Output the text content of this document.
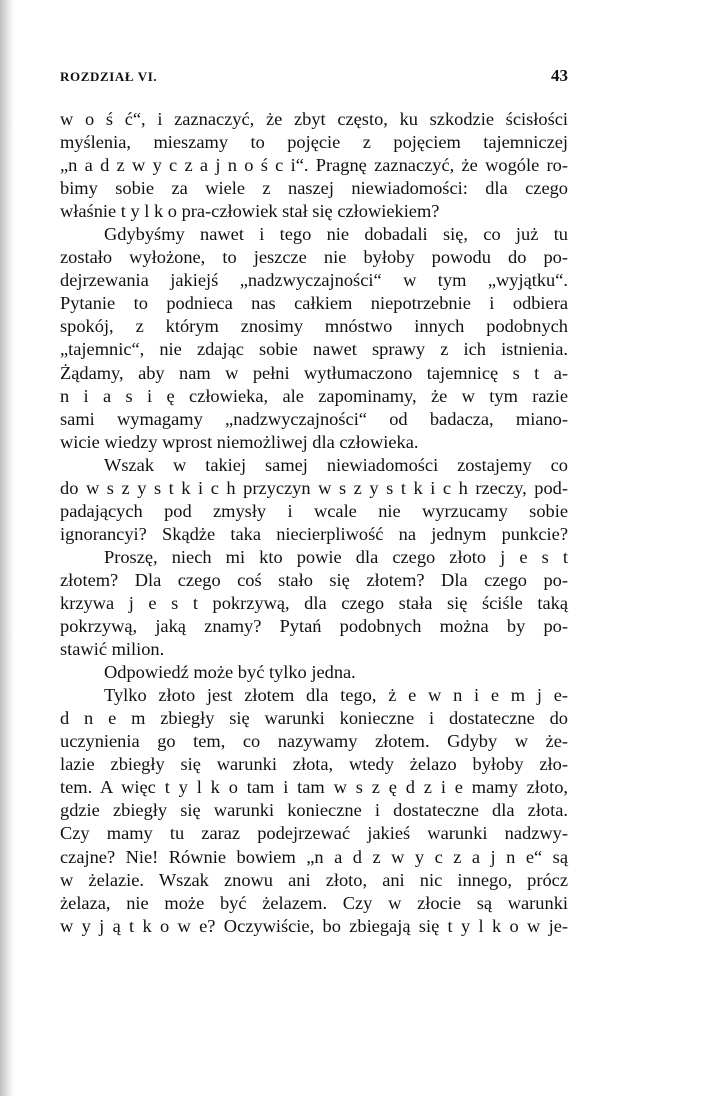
ROZDZIAŁ VI.	43
w o ś ć“, i zaznaczyć, że zbyt często, ku szkodzie ścisłości
myślenia, mieszamy to pojęcie z pojęciem tajemniczej
„n a d z w y c z a j n o ś c i“. Pragnę zaznaczyć, że wogóle ro-
bimy sobie za wiele z naszej niewiadomości: dla czego
właśnie t y l k o pra-człowiek stał się człowiekiem?
Gdybyśmy nawet i tego nie dobadali się, co już tu
zostało wyłożone, to jeszcze nie byłoby powodu do po-
dejrzewania jakiejś „nadzwyczajności“ w tym „wyjątku“.
Pytanie to podnieca nas całkiem niepotrzebnie i odbiera
spokój, z którym znosimy mnóstwo innych podobnych
„tajemnic“, nie zdając sobie nawet sprawy z ich istnienia.
Żądamy, aby nam w pełni wytłumaczono tajemnicę s t a-
n i a s i ę człowieka, ale zapominamy, że w tym razie
sami wymagamy „nadzwyczajności“ od badacza, miano-
wicie wiedzy wprost niemożliwej dla człowieka.
Wszak w takiej samej niewiadomości zostajemy co
do w s z y s t k i c h przyczyn w s z y s t k i c h rzeczy, pod-
padających pod zmysły i wcale nie wyrzucamy sobie
ignorancyi? Skądże taka niecierpliwość na jednym punkcie?
Proszę, niech mi kto powie dla czego złoto j e s t
złotem? Dla czego coś stało się złotem? Dla czego po-
krzywa j e s t pokrzywą, dla czego stała się ściśle taką
pokrzywą, jaką znamy? Pytań podobnych można by po-
stawić milion.
Odpowiedź może być tylko jedna.
Tylko złoto jest złotem dla tego, ż e w n i e m j e-
d n e m zbiegły się warunki konieczne i dostateczne do
uczynienia go tem, co nazywamy złotem. Gdyby w że-
lazie zbiegły się warunki złota, wtedy żelazo byłoby zło-
tem. A więc t y l k o tam i tam w s z ę d z i e mamy złoto,
gdzie zbiegły się warunki konieczne i dostateczne dla złota.
Czy mamy tu zaraz podejrzewać jakieś warunki nadzwy-
czajne? Nie! Równie bowiem „n a d z w y c z a j n e“ są
w żelazie. Wszak znowu ani złoto, ani nic innego, prócz
żelaza, nie może być żelazem. Czy w złocie są warunki
w y j ą t k o w e? Oczywiście, bo zbiegają się t y l k o w je-
